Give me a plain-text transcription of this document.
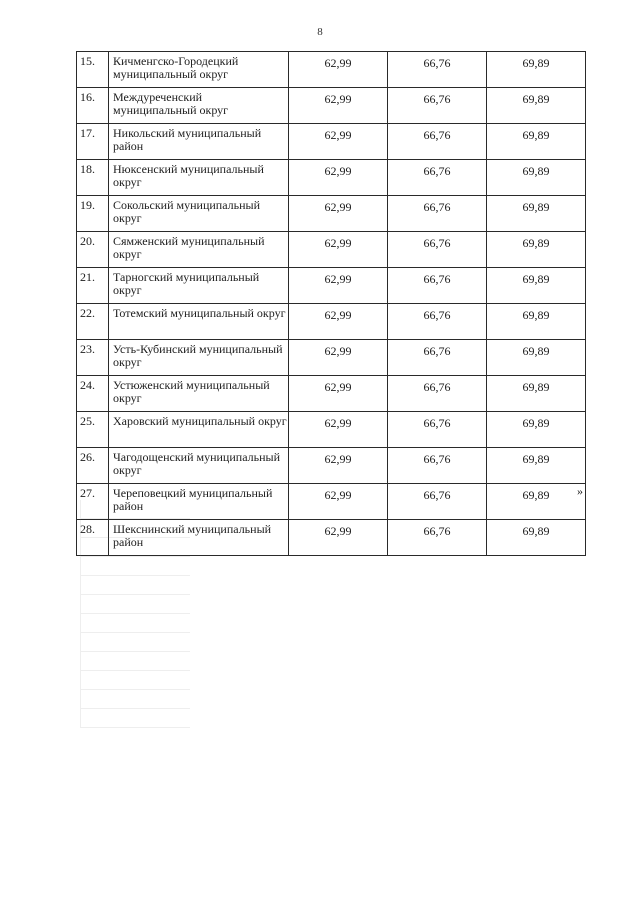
8
15.	Кичменгско-Городецкий муниципальный округ	62,99	66,76	69,89
16.	Междуреченский муниципальный округ	62,99	66,76	69,89
17.	Никольский муниципальный район	62,99	66,76	69,89
18.	Нюксенский муниципальный округ	62,99	66,76	69,89
19.	Сокольский муниципальный округ	62,99	66,76	69,89
20.	Сямженский муниципальный округ	62,99	66,76	69,89
21.	Тарногский муниципальный округ	62,99	66,76	69,89
22.	Тотемский муниципальный округ	62,99	66,76	69,89
23.	Усть-Кубинский муниципальный округ	62,99	66,76	69,89
24.	Устюженский муниципальный округ	62,99	66,76	69,89
25.	Харовский муниципальный округ	62,99	66,76	69,89
26.	Чагодощенский муниципальный округ	62,99	66,76	69,89
27.	Череповецкий муниципальный район	62,99	66,76	69,89
28.	Шекснинский муниципальный район	62,99	66,76	69,89
»
